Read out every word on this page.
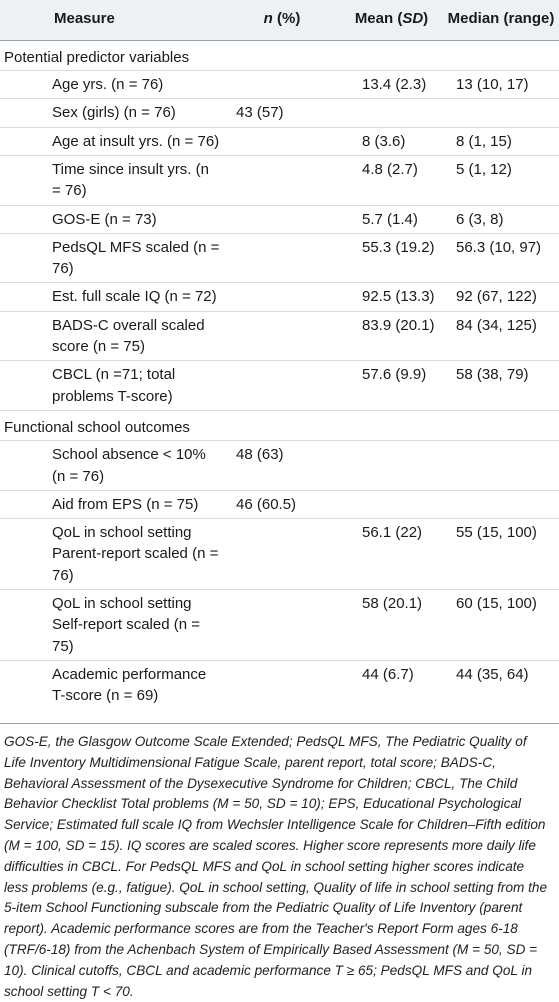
Measure	n (%)	Mean (SD)	Median (range)
Potential predictor variables			
Age yrs. (n = 76)		13.4 (2.3)	13 (10, 17)
Sex (girls) (n = 76)	43 (57)		
Age at insult yrs. (n = 76)		8 (3.6)	8 (1, 15)
Time since insult yrs. (n = 76)		4.8 (2.7)	5 (1, 12)
GOS-E (n = 73)		5.7 (1.4)	6 (3, 8)
PedsQL MFS scaled (n = 76)		55.3 (19.2)	56.3 (10, 97)
Est. full scale IQ (n = 72)		92.5 (13.3)	92 (67, 122)
BADS-C overall scaled score (n = 75)		83.9 (20.1)	84 (34, 125)
CBCL (n =71; total problems T-score)		57.6 (9.9)	58 (38, 79)
Functional school outcomes			
School absence < 10% (n = 76)	48 (63)		
Aid from EPS (n = 75)	46 (60.5)		
QoL in school setting Parent-report scaled (n = 76)		56.1 (22)	55 (15, 100)
QoL in school setting Self-report scaled (n = 75)		58 (20.1)	60 (15, 100)
Academic performance T-score (n = 69)		44 (6.7)	44 (35, 64)
GOS-E, the Glasgow Outcome Scale Extended; PedsQL MFS, The Pediatric Quality of Life Inventory Multidimensional Fatigue Scale, parent report, total score; BADS-C, Behavioral Assessment of the Dysexecutive Syndrome for Children; CBCL, The Child Behavior Checklist Total problems (M = 50, SD = 10); EPS, Educational Psychological Service; Estimated full scale IQ from Wechsler Intelligence Scale for Children–Fifth edition (M = 100, SD = 15). IQ scores are scaled scores. Higher score represents more daily life difficulties in CBCL. For PedsQL MFS and QoL in school setting higher scores indicate less problems (e.g., fatigue). QoL in school setting, Quality of life in school setting from the 5-item School Functioning subscale from the Pediatric Quality of Life Inventory (parent report). Academic performance scores are from the Teacher's Report Form ages 6-18 (TRF/6-18) from the Achenbach System of Empirically Based Assessment (M = 50, SD = 10). Clinical cutoffs, CBCL and academic performance T ≥ 65; PedsQL MFS and QoL in school setting T < 70.
